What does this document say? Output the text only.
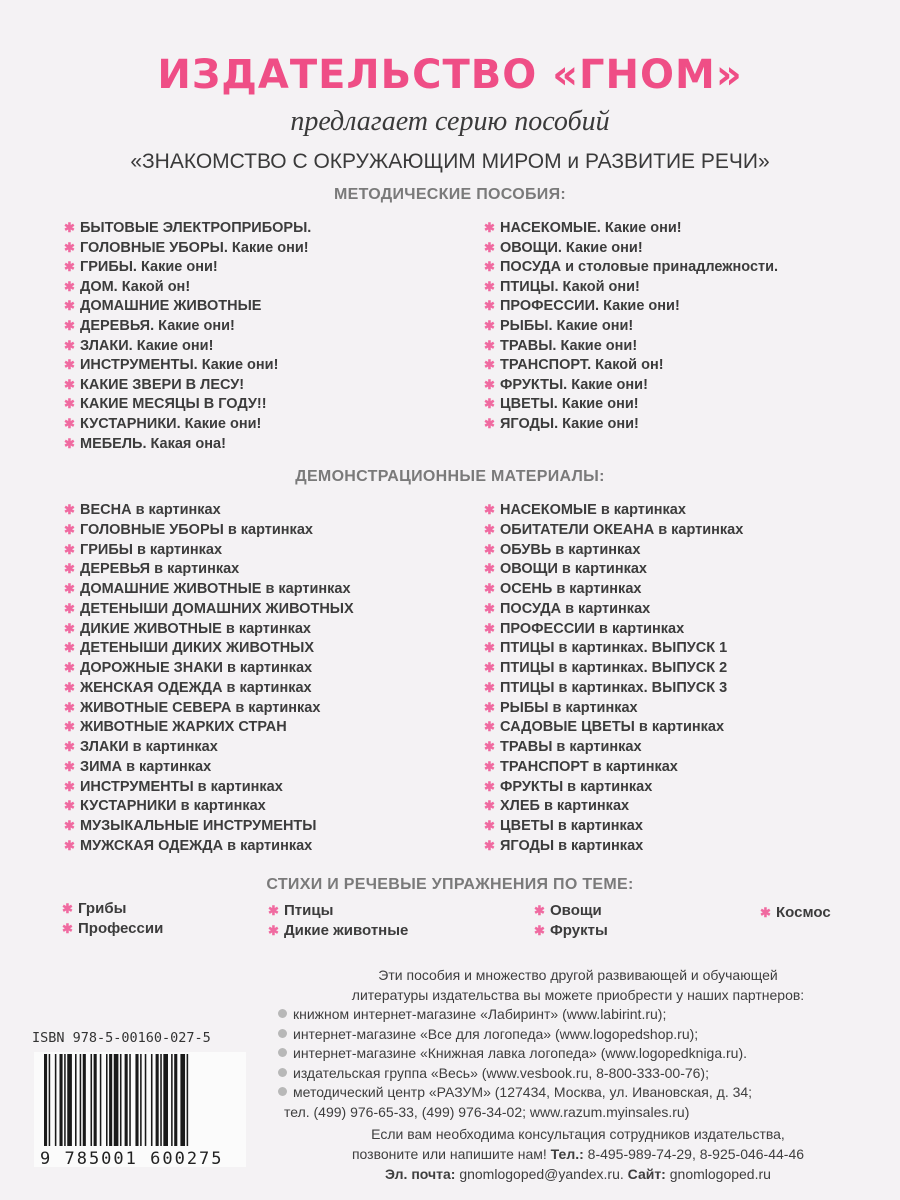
ИЗДАТЕЛЬСТВО «ГНОМ»
предлагает серию пособий
«ЗНАКОМСТВО С ОКРУЖАЮЩИМ МИРОМ и РАЗВИТИЕ РЕЧИ»
МЕТОДИЧЕСКИЕ ПОСОБИЯ:
✱ БЫТОВЫЕ ЭЛЕКТРОПРИБОРЫ.
✱ ГОЛОВНЫЕ УБОРЫ. Какие они!
✱ ГРИБЫ. Какие они!
✱ ДОМ. Какой он!
✱ ДОМАШНИЕ ЖИВОТНЫЕ
✱ ДЕРЕВЬЯ. Какие они!
✱ ЗЛАКИ. Какие они!
✱ ИНСТРУМЕНТЫ. Какие они!
✱ КАКИЕ ЗВЕРИ В ЛЕСУ!
✱ КАКИЕ МЕСЯЦЫ В ГОДУ!!
✱ КУСТАРНИКИ. Какие они!
✱ МЕБЕЛЬ. Какая она!
✱ НАСЕКОМЫЕ. Какие они!
✱ ОВОЩИ. Какие они!
✱ ПОСУДА и столовые принадлежности.
✱ ПТИЦЫ. Какой они!
✱ ПРОФЕССИИ. Какие они!
✱ РЫБЫ. Какие они!
✱ ТРАВЫ. Какие они!
✱ ТРАНСПОРТ. Какой он!
✱ ФРУКТЫ. Какие они!
✱ ЦВЕТЫ. Какие они!
✱ ЯГОДЫ. Какие они!
ДЕМОНСТРАЦИОННЫЕ МАТЕРИАЛЫ:
✱ ВЕСНА в картинках
✱ ГОЛОВНЫЕ УБОРЫ в картинках
✱ ГРИБЫ в картинках
✱ ДЕРЕВЬЯ в картинках
✱ ДОМАШНИЕ ЖИВОТНЫЕ в картинках
✱ ДЕТЕНЫШИ ДОМАШНИХ ЖИВОТНЫХ
✱ ДИКИЕ ЖИВОТНЫЕ в картинках
✱ ДЕТЕНЫШИ ДИКИХ ЖИВОТНЫХ
✱ ДОРОЖНЫЕ ЗНАКИ в картинках
✱ ЖЕНСКАЯ ОДЕЖДА в картинках
✱ ЖИВОТНЫЕ СЕВЕРА в картинках
✱ ЖИВОТНЫЕ ЖАРКИХ СТРАН
✱ ЗЛАКИ в картинках
✱ ЗИМА в картинках
✱ ИНСТРУМЕНТЫ в картинках
✱ КУСТАРНИКИ в картинках
✱ МУЗЫКАЛЬНЫЕ ИНСТРУМЕНТЫ
✱ МУЖСКАЯ ОДЕЖДА в картинках
✱ НАСЕКОМЫЕ в картинках
✱ ОБИТАТЕЛИ ОКЕАНА в картинках
✱ ОБУВЬ в картинках
✱ ОВОЩИ в картинках
✱ ОСЕНЬ в картинках
✱ ПОСУДА в картинках
✱ ПРОФЕССИИ в картинках
✱ ПТИЦЫ в картинках. ВЫПУСК 1
✱ ПТИЦЫ в картинках. ВЫПУСК 2
✱ ПТИЦЫ в картинках. ВЫПУСК 3
✱ РЫБЫ в картинках
✱ САДОВЫЕ ЦВЕТЫ в картинках
✱ ТРАВЫ в картинках
✱ ТРАНСПОРТ в картинках
✱ ФРУКТЫ в картинках
✱ ХЛЕБ в картинках
✱ ЦВЕТЫ в картинках
✱ ЯГОДЫ в картинках
СТИХИ И РЕЧЕВЫЕ УПРАЖНЕНИЯ ПО ТЕМЕ:
✱ Грибы
✱ Профессии
✱ Птицы
✱ Дикие животные
✱ Овощи
✱ Фрукты
✱ Космос
Эти пособия и множество другой развивающей и обучающей
литературы издательства вы можете приобрести у наших партнеров:
книжном интернет-магазине «Лабиринт» (www.labirint.ru);
интернет-магазине «Все для логопеда» (www.logopedshop.ru);
интернет-магазине «Книжная лавка логопеда» (www.logopedkniga.ru).
издательская группа «Весь» (www.vesbook.ru, 8-800-333-00-76);
методический центр «РАЗУМ» (127434, Москва, ул. Ивановская, д. 34;
тел. (499) 976-65-33, (499) 976-34-02; www.razum.myinsales.ru)
Если вам необходима консультация сотрудников издательства,
позвоните или напишите нам! Тел.: 8-495-989-74-29, 8-925-046-44-46
Эл. почта: gnomlogoped@yandex.ru. Сайт: gnomlogoped.ru
ISBN 978-5-00160-027-5
9 785001 600275
